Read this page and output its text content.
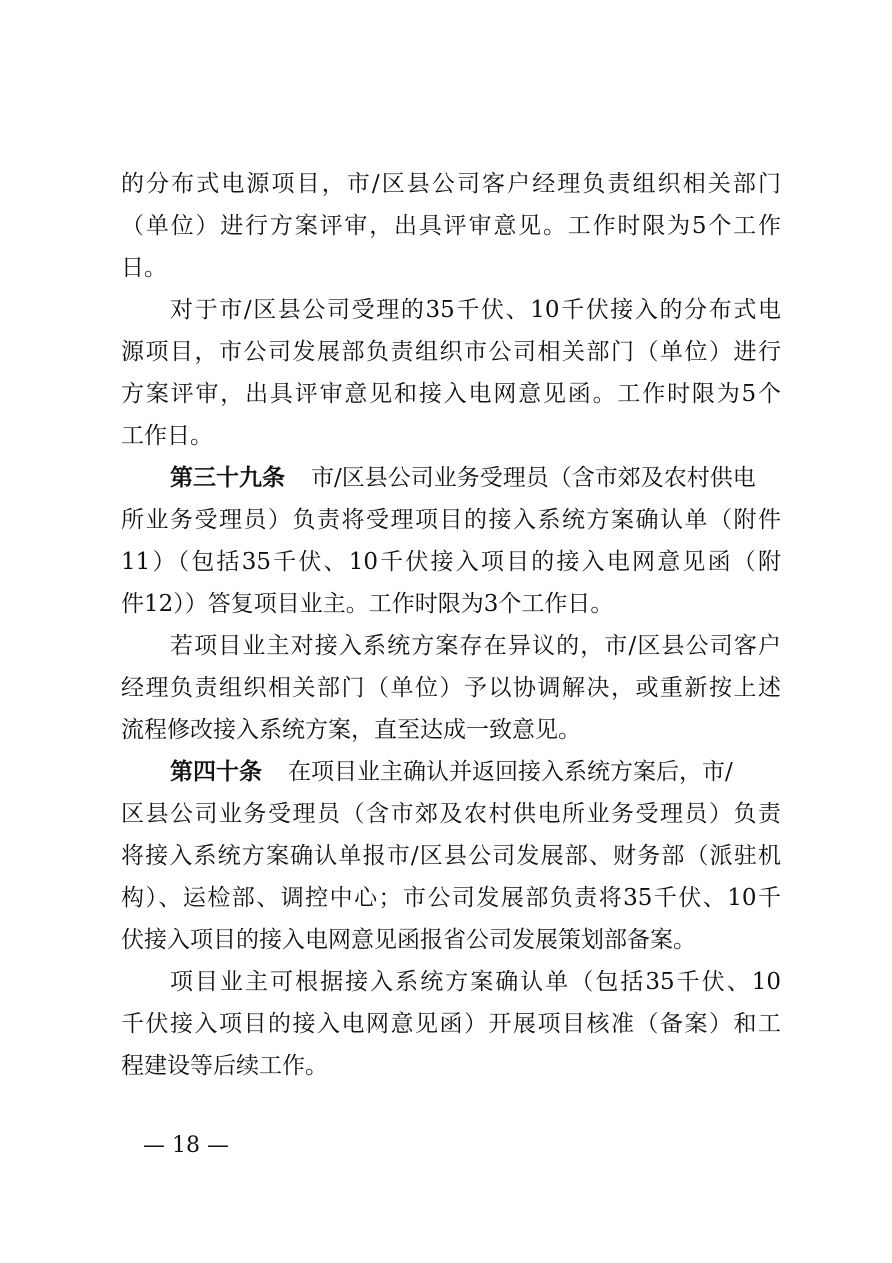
的分布式电源项目，市/区县公司客户经理负责组织相关部门
（单位）进行方案评审，出具评审意见。工作时限为5个工作
日。
对于市/区县公司受理的35千伏、10千伏接入的分布式电
源项目，市公司发展部负责组织市公司相关部门（单位）进行
方案评审，出具评审意见和接入电网意见函。工作时限为5个
工作日。
第三十九条 市/区县公司业务受理员（含市郊及农村供电
所业务受理员）负责将受理项目的接入系统方案确认单（附件
11）（包括35千伏、10千伏接入项目的接入电网意见函（附
件12））答复项目业主。工作时限为3个工作日。
若项目业主对接入系统方案存在异议的，市/区县公司客户
经理负责组织相关部门（单位）予以协调解决，或重新按上述
流程修改接入系统方案，直至达成一致意见。
第四十条 在项目业主确认并返回接入系统方案后，市/
区县公司业务受理员（含市郊及农村供电所业务受理员）负责
将接入系统方案确认单报市/区县公司发展部、财务部（派驻机
构）、运检部、调控中心；市公司发展部负责将35千伏、10千
伏接入项目的接入电网意见函报省公司发展策划部备案。
项目业主可根据接入系统方案确认单（包括35千伏、10
千伏接入项目的接入电网意见函）开展项目核准（备案）和工
程建设等后续工作。
— 18 —
